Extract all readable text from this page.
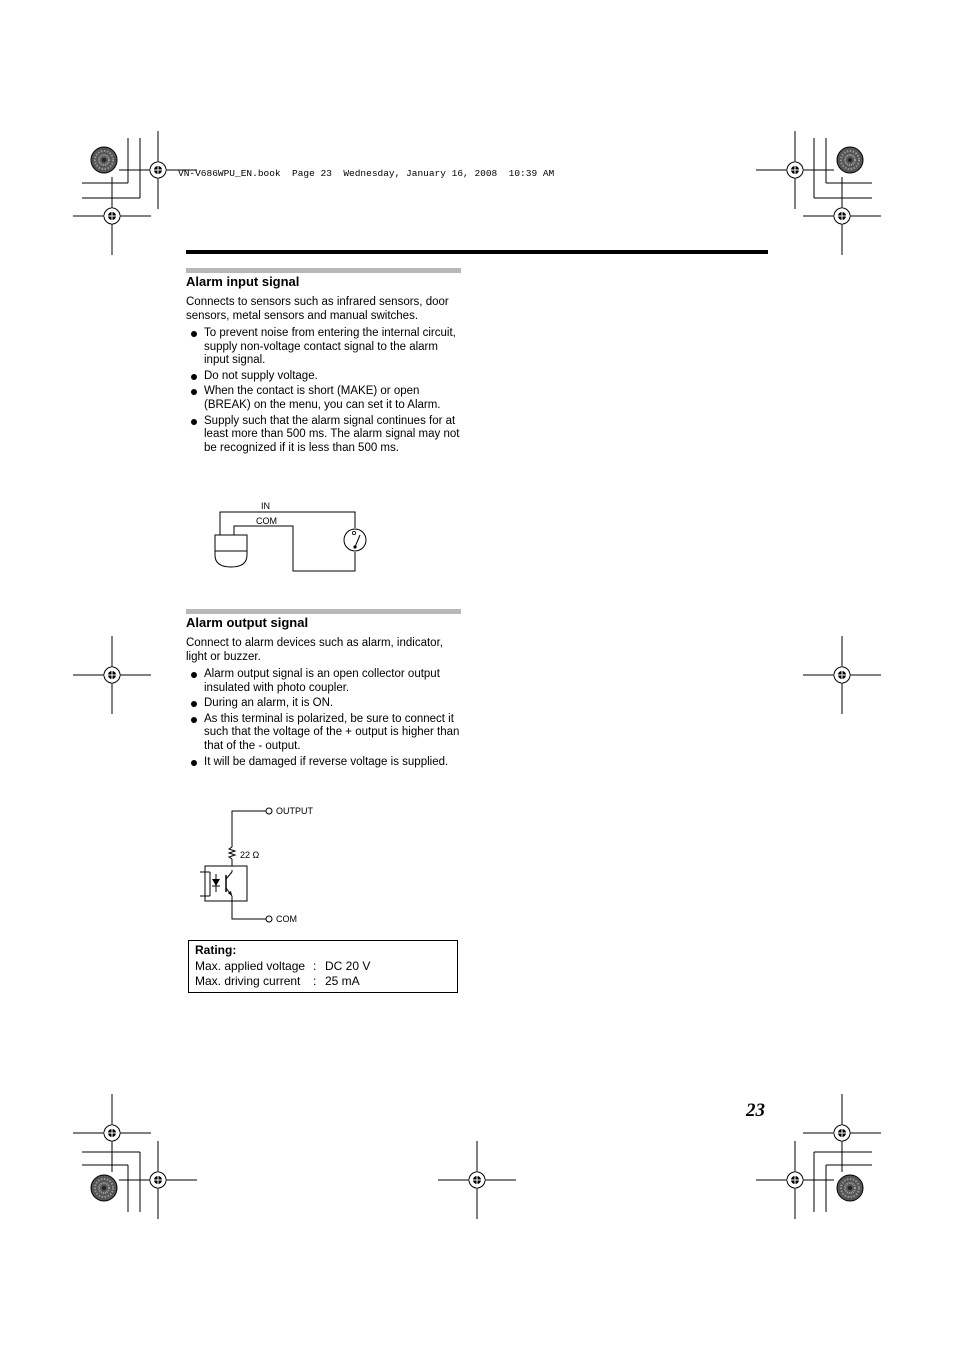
VN-V686WPU_EN.book  Page 23  Wednesday, January 16, 2008  10:39 AM
Alarm input signal
Connects to sensors such as infrared sensors, door sensors, metal sensors and manual switches.
To prevent noise from entering the internal circuit, supply non-voltage contact signal to the alarm input signal.
Do not supply voltage.
When the contact is short (MAKE) or open (BREAK) on the menu, you can set it to Alarm.
Supply such that the alarm signal continues for at least more than 500 ms. The alarm signal may not be recognized if it is less than 500 ms.
IN
COM
Alarm output signal
Connect to alarm devices such as alarm, indicator, light or buzzer.
Alarm output signal is an open collector output insulated with photo coupler.
During an alarm, it is ON.
As this terminal is polarized, be sure to connect it such that the voltage of the + output is higher than that of the - output.
It will be damaged if reverse voltage is supplied.
OUTPUT
22 Ω
COM
Rating:
Max. applied voltage : DC 20 V
Max. driving current	: 25 mA
23
